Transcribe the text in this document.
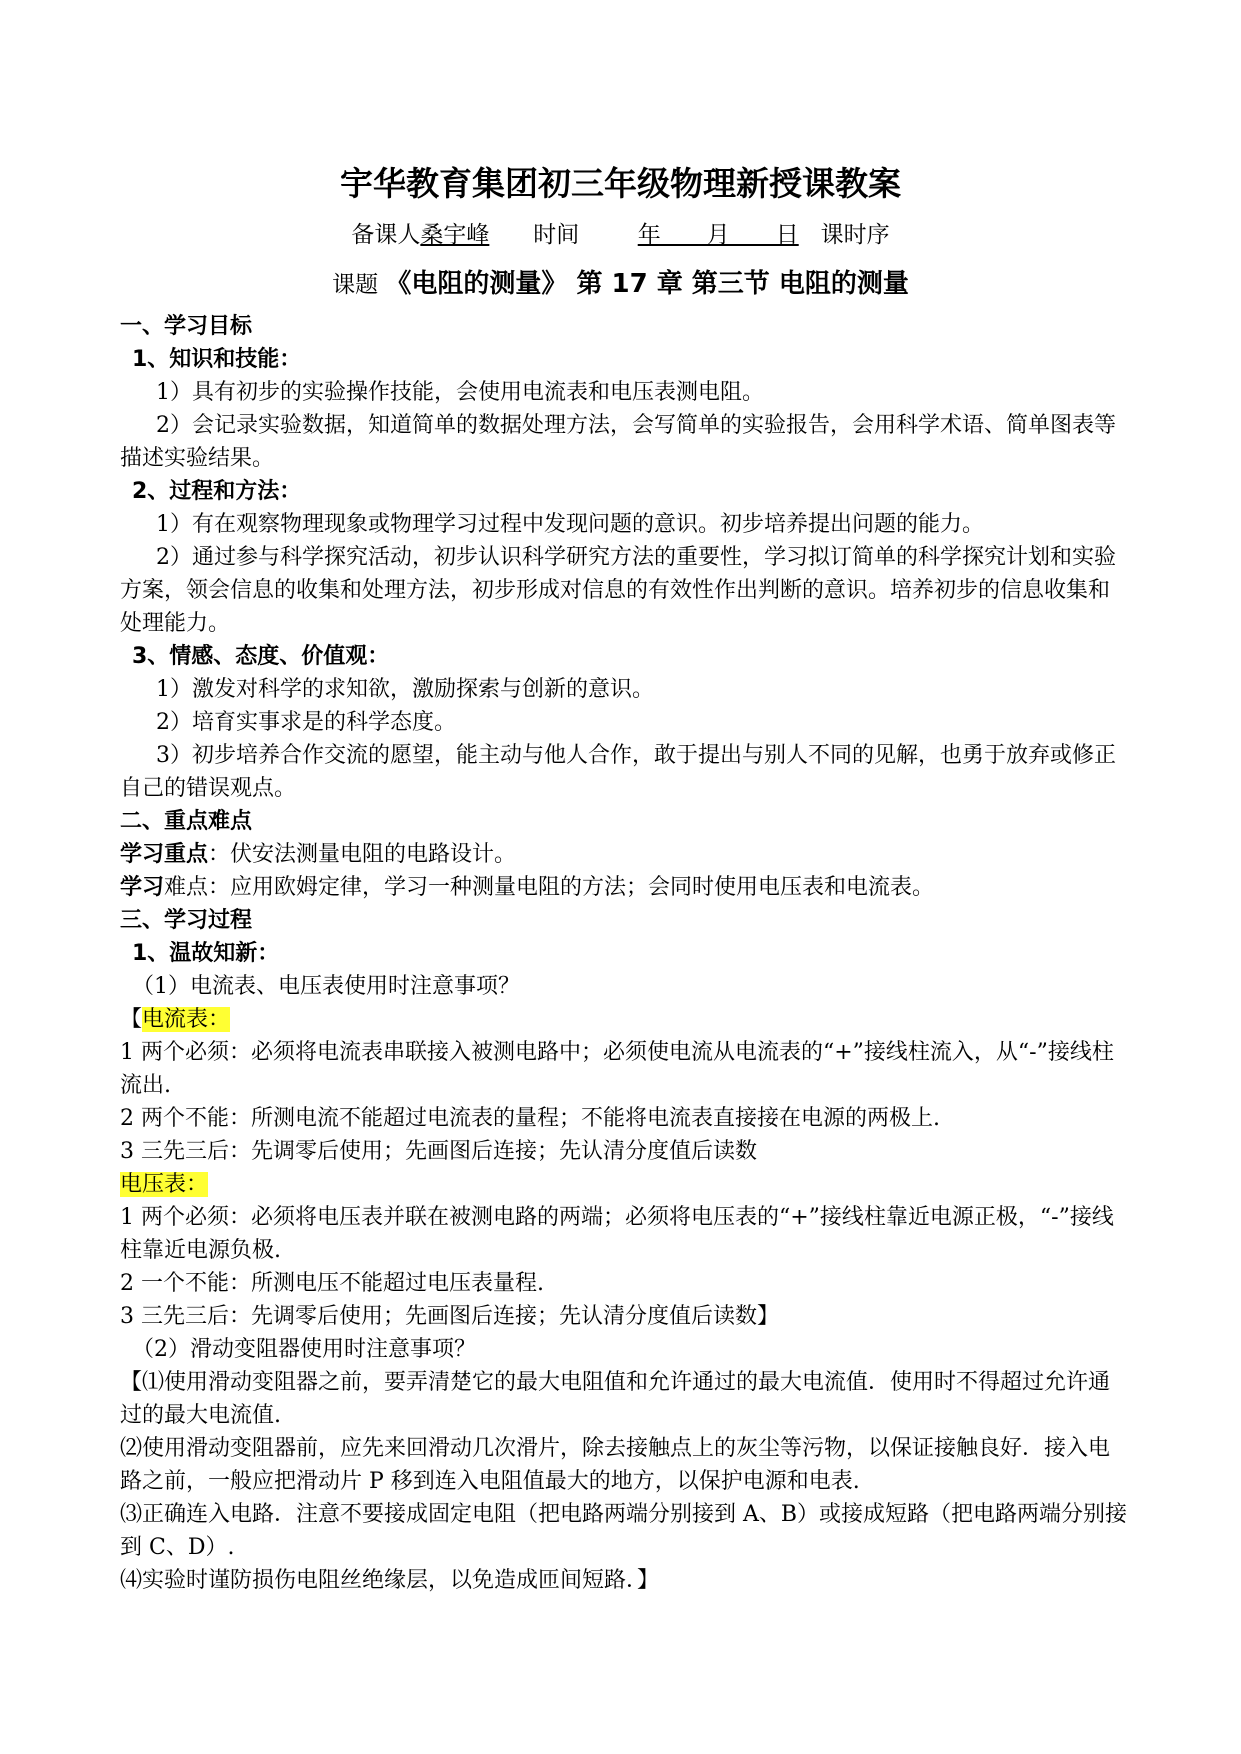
宇华教育集团初三年级物理新授课教案
备课人桑宇峰 时间	年　　月　　日 课时序
课题 《电阻的测量》 第 17 章 第三节 电阻的测量

一、学习目标

1、知识和技能：

1）具有初步的实验操作技能，会使用电流表和电压表测电阻。

2）会记录实验数据，知道简单的数据处理方法，会写简单的实验报告，会用科学术语、简单图表等描述实验结果。

2、过程和方法：

1）有在观察物理现象或物理学习过程中发现问题的意识。初步培养提出问题的能力。

2）通过参与科学探究活动，初步认识科学研究方法的重要性，学习拟订简单的科学探究计划和实验方案，领会信息的收集和处理方法，初步形成对信息的有效性作出判断的意识。培养初步的信息收集和处理能力。

3、情感、态度、价值观：

1）激发对科学的求知欲，激励探索与创新的意识。

2）培育实事求是的科学态度。

3）初步培养合作交流的愿望，能主动与他人合作，敢于提出与别人不同的见解，也勇于放弃或修正自己的错误观点。

二、重点难点

学习重点：伏安法测量电阻的电路设计。

学习难点：应用欧姆定律，学习一种测量电阻的方法；会同时使用电压表和电流表。

三、学习过程

1、温故知新：

（1）电流表、电压表使用时注意事项？

【电流表：

1 两个必须：必须将电流表串联接入被测电路中；必须使电流从电流表的“+”接线柱流入，从“-”接线柱流出.

2 两个不能：所测电流不能超过电流表的量程；不能将电流表直接接在电源的两极上.

3 三先三后：先调零后使用；先画图后连接；先认清分度值后读数

电压表：

1 两个必须：必须将电压表并联在被测电路的两端；必须将电压表的“+”接线柱靠近电源正极，“-”接线柱靠近电源负极.

2 一个不能：所测电压不能超过电压表量程.

3 三先三后：先调零后使用；先画图后连接；先认清分度值后读数】

（2）滑动变阻器使用时注意事项？

【⑴使用滑动变阻器之前，要弄清楚它的最大电阻值和允许通过的最大电流值．使用时不得超过允许通过的最大电流值.

⑵使用滑动变阻器前，应先来回滑动几次滑片，除去接触点上的灰尘等污物，以保证接触良好．接入电路之前，一般应把滑动片 P 移到连入电阻值最大的地方，以保护电源和电表.

⑶正确连入电路．注意不要接成固定电阻（把电路两端分别接到 A、B）或接成短路（把电路两端分别接到 C、D）.

⑷实验时谨防损伤电阻丝绝缘层，以免造成匝间短路．】
